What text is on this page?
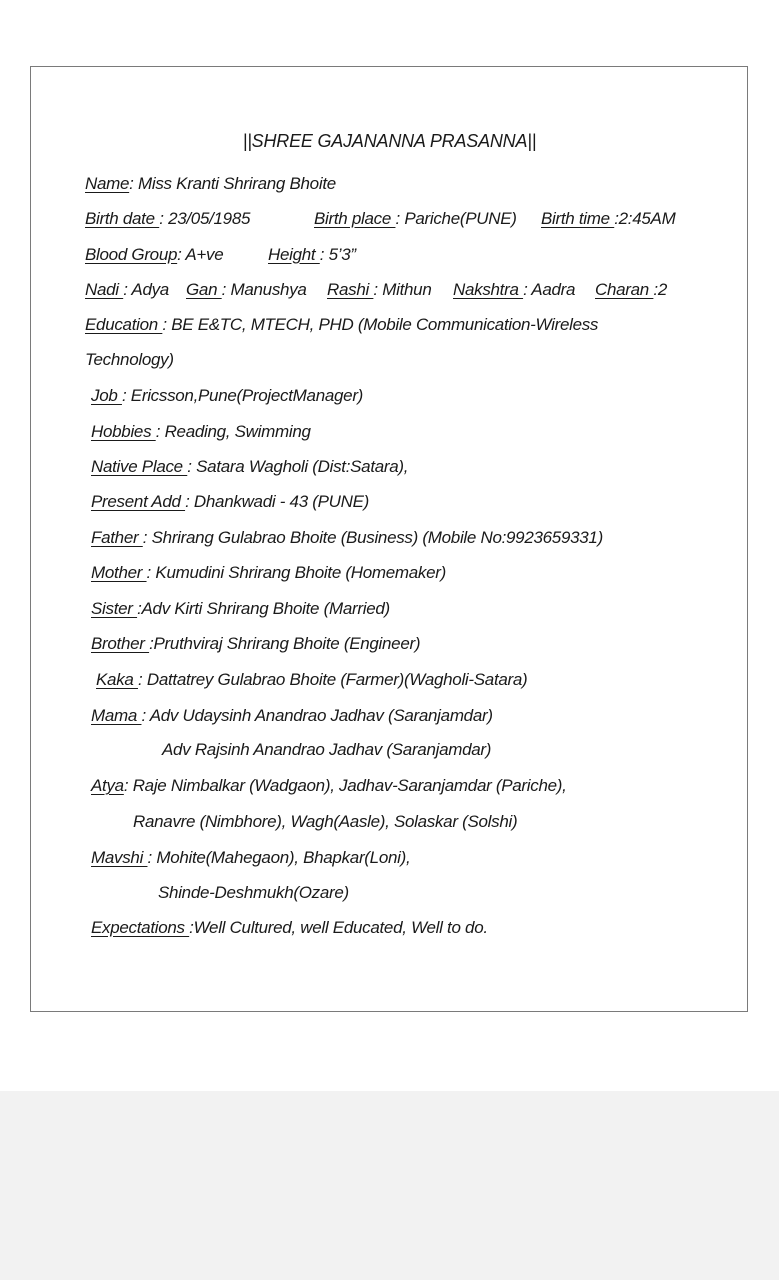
||SHREE GAJANANNA PRASANNA||
Name: Miss Kranti Shrirang Bhoite
Birth date : 23/05/1985	Birth place : Pariche(PUNE) Birth time :2:45AM
Blood Group: A+ve	Height : 5’3”
Nadi : Adya Gan : Manushya Rashi : Mithun Nakshtra : Aadra Charan :2
Education : BE E&TC, MTECH, PHD (Mobile Communication-Wireless
Technology)
Job : Ericsson,Pune(ProjectManager)
Hobbies : Reading, Swimming
Native Place : Satara Wagholi (Dist:Satara),
Present Add : Dhankwadi - 43 (PUNE)
Father : Shrirang Gulabrao Bhoite (Business) (Mobile No:9923659331)
Mother : Kumudini Shrirang Bhoite (Homemaker)
Sister :Adv Kirti Shrirang Bhoite (Married)
Brother :Pruthviraj Shrirang Bhoite (Engineer)
Kaka : Dattatrey Gulabrao Bhoite (Farmer)(Wagholi-Satara)
Mama : Adv Udaysinh Anandrao Jadhav (Saranjamdar)
Adv Rajsinh Anandrao Jadhav (Saranjamdar)
Atya: Raje Nimbalkar (Wadgaon), Jadhav-Saranjamdar (Pariche),
Ranavre (Nimbhore), Wagh(Aasle), Solaskar (Solshi)
Mavshi : Mohite(Mahegaon), Bhapkar(Loni),
Shinde-Deshmukh(Ozare)
Expectations :Well Cultured, well Educated, Well to do.
